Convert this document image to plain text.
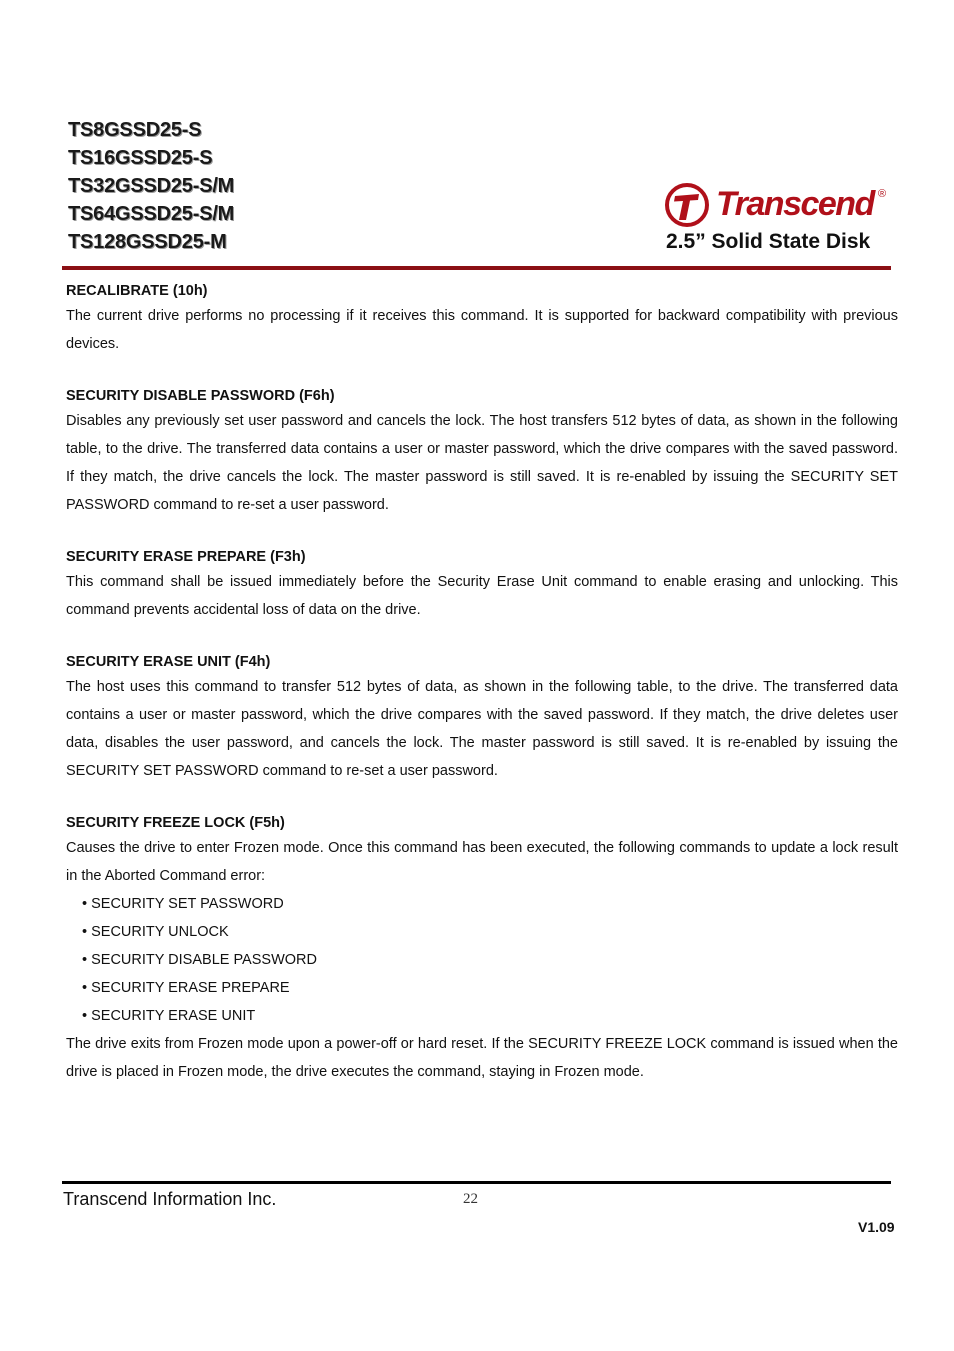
TS8GSSD25-S
TS16GSSD25-S
TS32GSSD25-S/M
TS64GSSD25-S/M
TS128GSSD25-M
Transcend ®
2.5” Solid State Disk

RECALIBRATE (10h)

The current drive performs no processing if it receives this command. It is supported for backward compatibility with previous devices.

SECURITY DISABLE PASSWORD (F6h)

Disables any previously set user password and cancels the lock. The host transfers 512 bytes of data, as shown in the following table, to the drive. The transferred data contains a user or master password, which the drive compares with the saved password. If they match, the drive cancels the lock. The master password is still saved. It is re-enabled by issuing the SECURITY SET PASSWORD command to re-set a user password.

SECURITY ERASE PREPARE (F3h)

This command shall be issued immediately before the Security Erase Unit command to enable erasing and unlocking. This command prevents accidental loss of data on the drive.

SECURITY ERASE UNIT (F4h)

The host uses this command to transfer 512 bytes of data, as shown in the following table, to the drive. The transferred data contains a user or master password, which the drive compares with the saved password. If they match, the drive deletes user data, disables the user password, and cancels the lock. The master password is still saved. It is re-enabled by issuing the SECURITY SET PASSWORD command to re-set a user password.

SECURITY FREEZE LOCK (F5h)

Causes the drive to enter Frozen mode. Once this command has been executed, the following commands to update a lock result in the Aborted Command error:

• SECURITY SET PASSWORD
• SECURITY UNLOCK
• SECURITY DISABLE PASSWORD
• SECURITY ERASE PREPARE
• SECURITY ERASE UNIT

The drive exits from Frozen mode upon a power-off or hard reset. If the SECURITY FREEZE LOCK command is issued when the drive is placed in Frozen mode, the drive executes the command, staying in Frozen mode.

Transcend Information Inc.	22
V1.09
